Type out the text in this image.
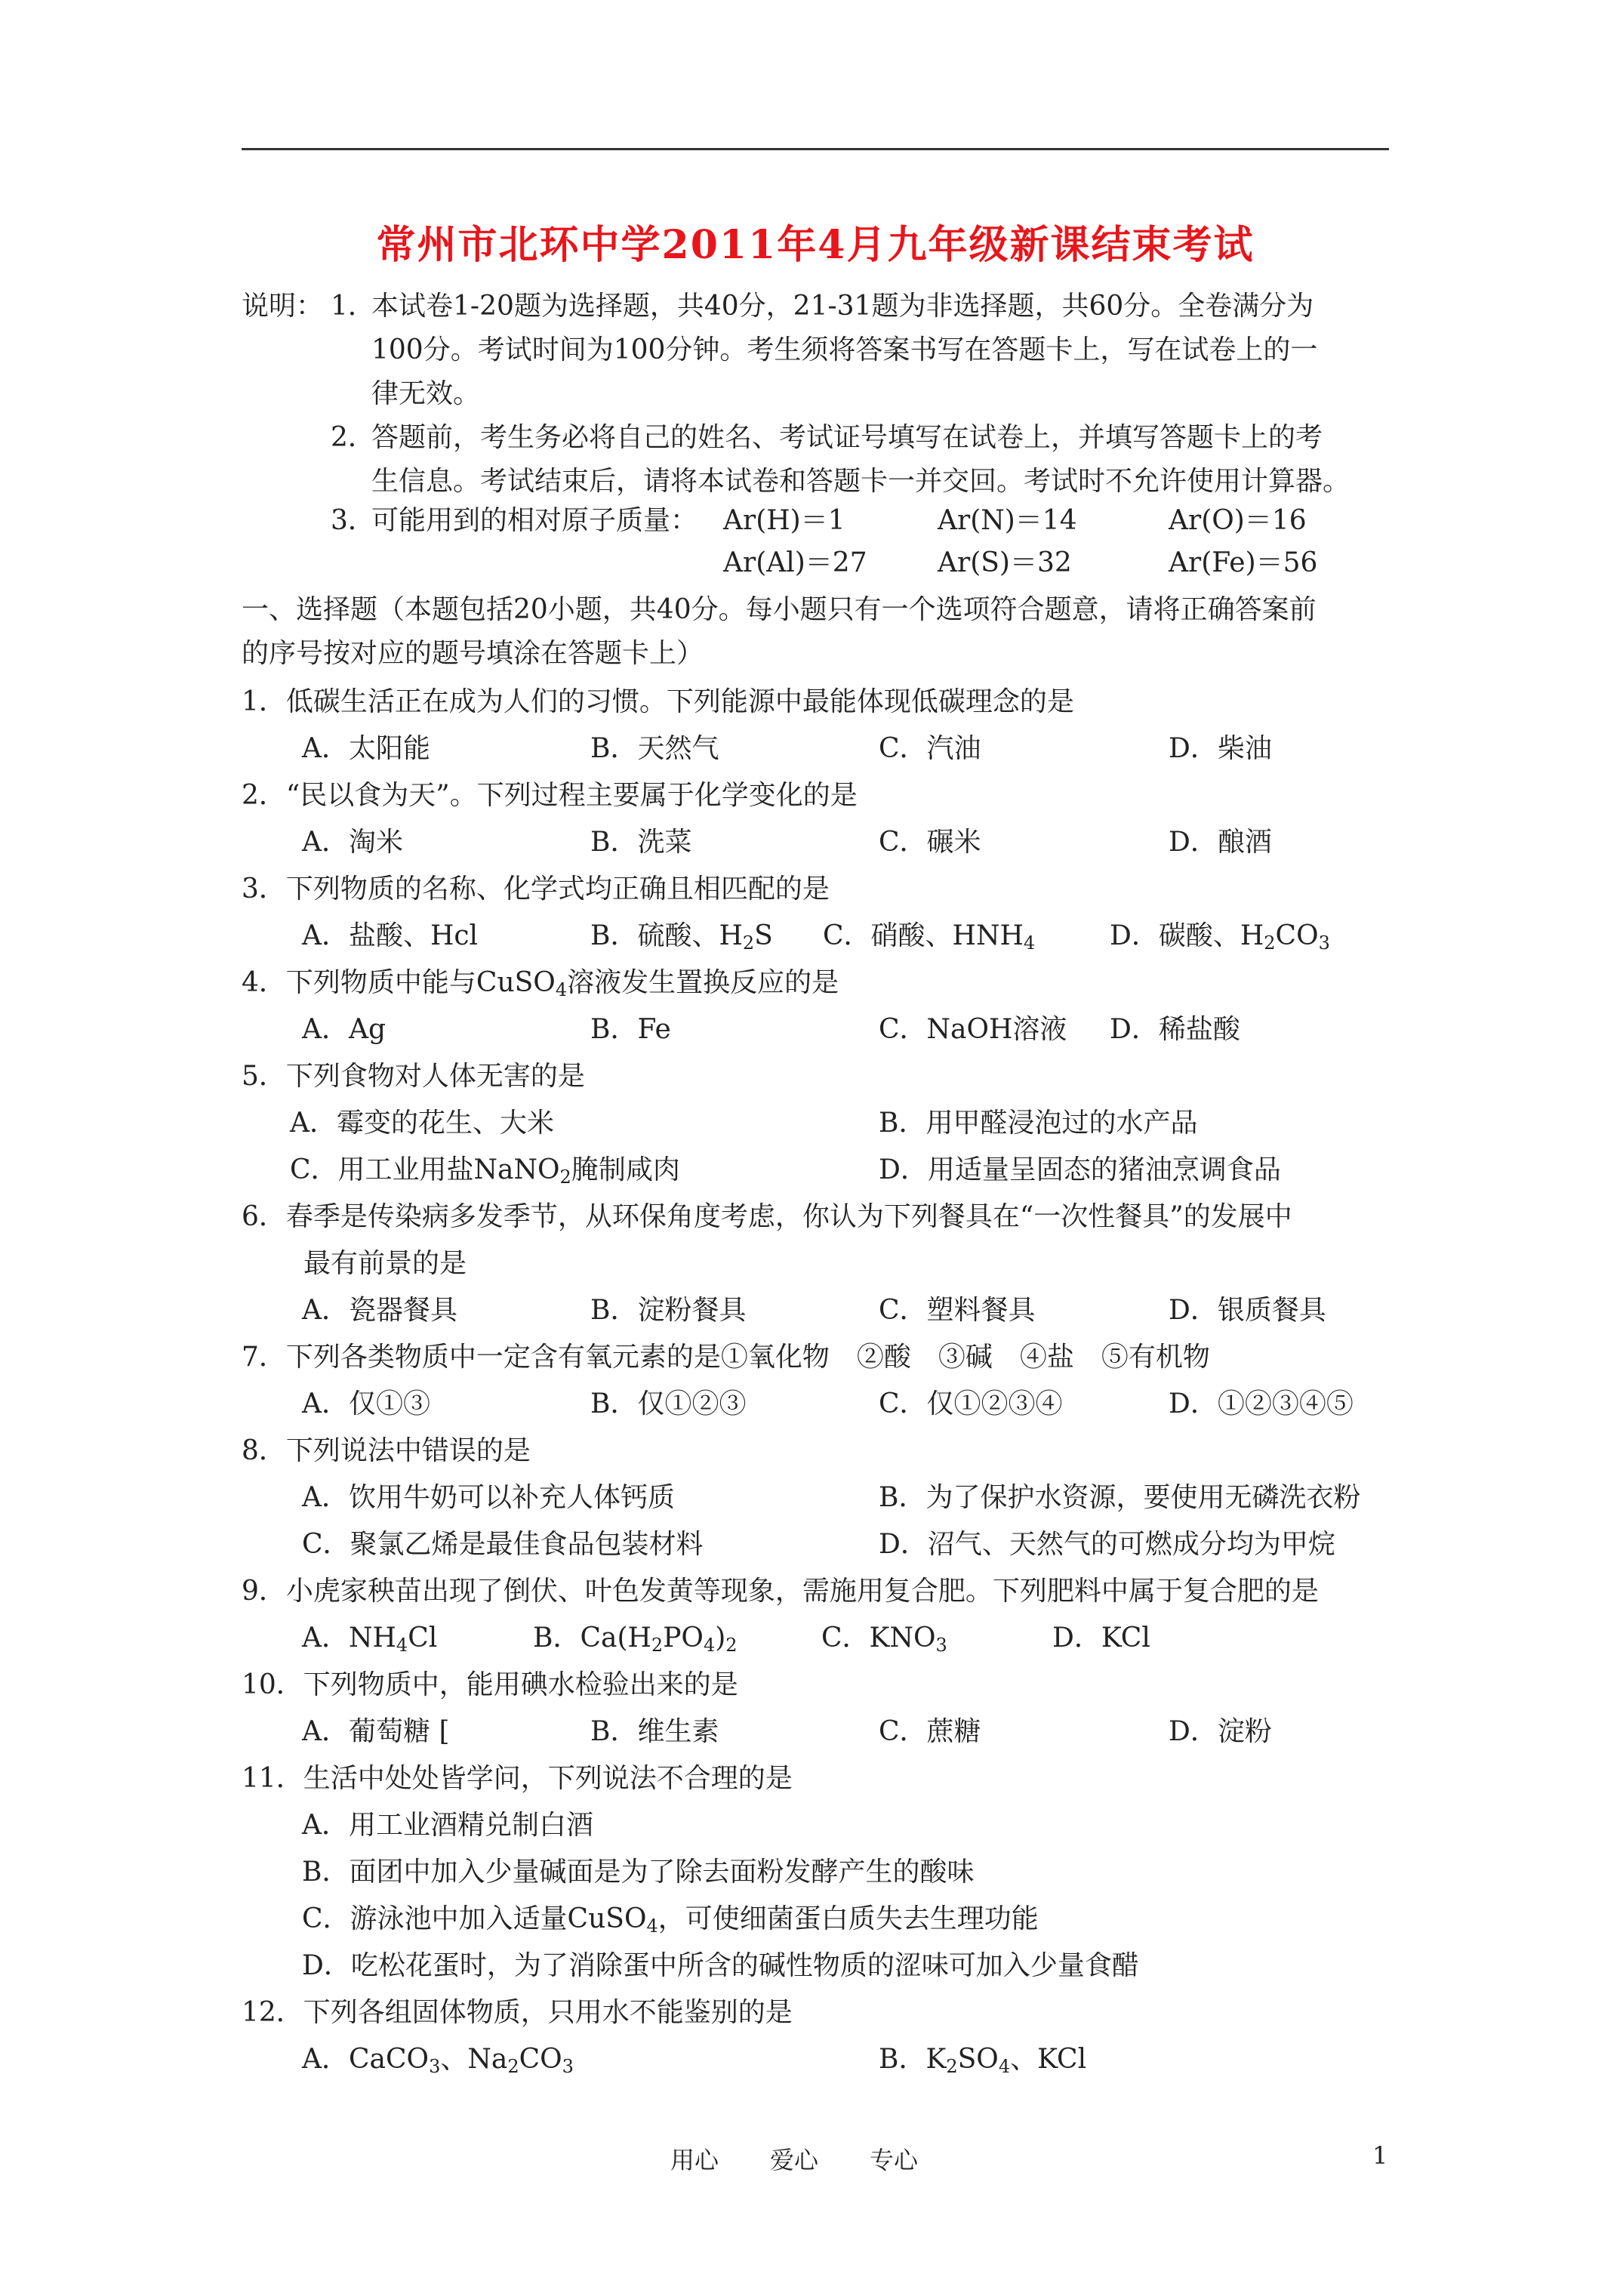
常州市北环中学2011年4月九年级新课结束考试
说明： 1．
本试卷1-20题为选择题，共40分，21-31题为非选择题，共60分。全卷满分为
100分。考试时间为100分钟。考生须将答案书写在答题卡上，写在试卷上的一
律无效。
2．
答题前，考生务必将自己的姓名、考试证号填写在试卷上，并填写答题卡上的考
生信息。考试结束后，请将本试卷和答题卡一并交回。考试时不允许使用计算器。
3．
可能用到的相对原子质量： Ar(H)＝1	Ar(N)＝14	Ar(O)＝16
Ar(Al)＝27	Ar(S)＝32	Ar(Fe)＝56
一、选择题（本题包括20小题，共40分。每小题只有一个选项符合题意，请将正确答案前
的序号按对应的题号填涂在答题卡上）
1．低碳生活正在成为人们的习惯。下列能源中最能体现低碳理念的是
A．太阳能	B．天然气	C．汽油	D．柴油
2．“民以食为天”。下列过程主要属于化学变化的是
A．淘米	B．洗菜	C．碾米	D．酿酒
3．下列物质的名称、化学式均正确且相匹配的是
A．盐酸、Hcl	B．硫酸、$H_2S$ C．硝酸、$HNH_4$	D．碳酸、$H_2CO_3$
4．下列物质中能与CuSO$_4$溶液发生置换反应的是
A．Ag	B．Fe	C．NaOH溶液 D．稀盐酸
5．下列食物对人体无害的是
A．霉变的花生、大米	B．用甲醛浸泡过的水产品
C．用工业用盐NaNO$_2$腌制咸肉	D．用适量呈固态的猪油烹调食品
6．春季是传染病多发季节，从环保角度考虑，你认为下列餐具在“一次性餐具”的发展中
最有前景的是
A．瓷器餐具	B．淀粉餐具	C．塑料餐具	D．银质餐具
7．下列各类物质中一定含有氧元素的是①氧化物　②酸　③碱　④盐　⑤有机物
A．仅①③	B．仅①②③	C．仅①②③④	D．①②③④⑤
8．下列说法中错误的是
A．饮用牛奶可以补充人体钙质	B．为了保护水资源，要使用无磷洗衣粉
C．聚氯乙烯是最佳食品包装材料	D．沼气、天然气的可燃成分均为甲烷
9．小虎家秧苗出现了倒伏、叶色发黄等现象，需施用复合肥。下列肥料中属于复合肥的是
A．$NH_4Cl$	B．$Ca(H_2PO_4)_2$	C．$KNO_3$	D．KCl
10．下列物质中，能用碘水检验出来的是
A．葡萄糖 [	B．维生素	C．蔗糖	D．淀粉
11．生活中处处皆学问，下列说法不合理的是
A．用工业酒精兑制白酒
B．面团中加入少量碱面是为了除去面粉发酵产生的酸味
C．游泳池中加入适量CuSO$_4$，可使细菌蛋白质失去生理功能
D．吃松花蛋时，为了消除蛋中所含的碱性物质的涩味可加入少量食醋
12．下列各组固体物质，只用水不能鉴别的是
A．CaCO$_3$、$Na_2CO_3$	B．$K_2SO_4$、KCl
用心 爱心 专心	1
